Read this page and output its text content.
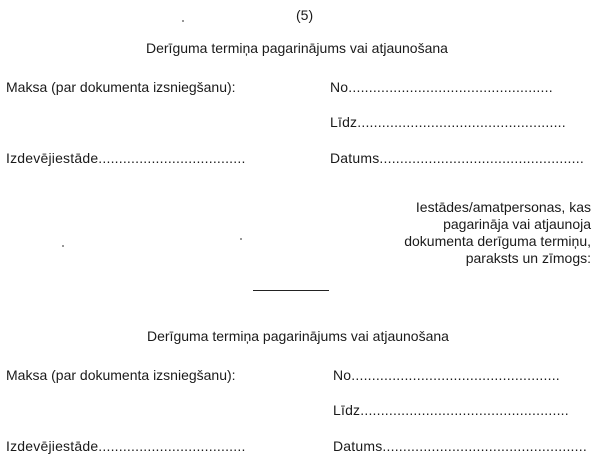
(5)
Derīguma termiņa pagarinājums vai atjaunošana
Maksa (par dokumenta izsniegšanu):	No..................................................
Līdz...................................................
Izdevējiestāde....................................	Datums..................................................
Iestādes/amatpersonas, kas pagarināja vai atjaunoja dokumenta derīguma termiņu, paraksts un zīmogs:
Derīguma termiņa pagarinājums vai atjaunošana
Maksa (par dokumenta izsniegšanu):	No...................................................
Līdz...................................................
Izdevējiestāde....................................	Datums..................................................
